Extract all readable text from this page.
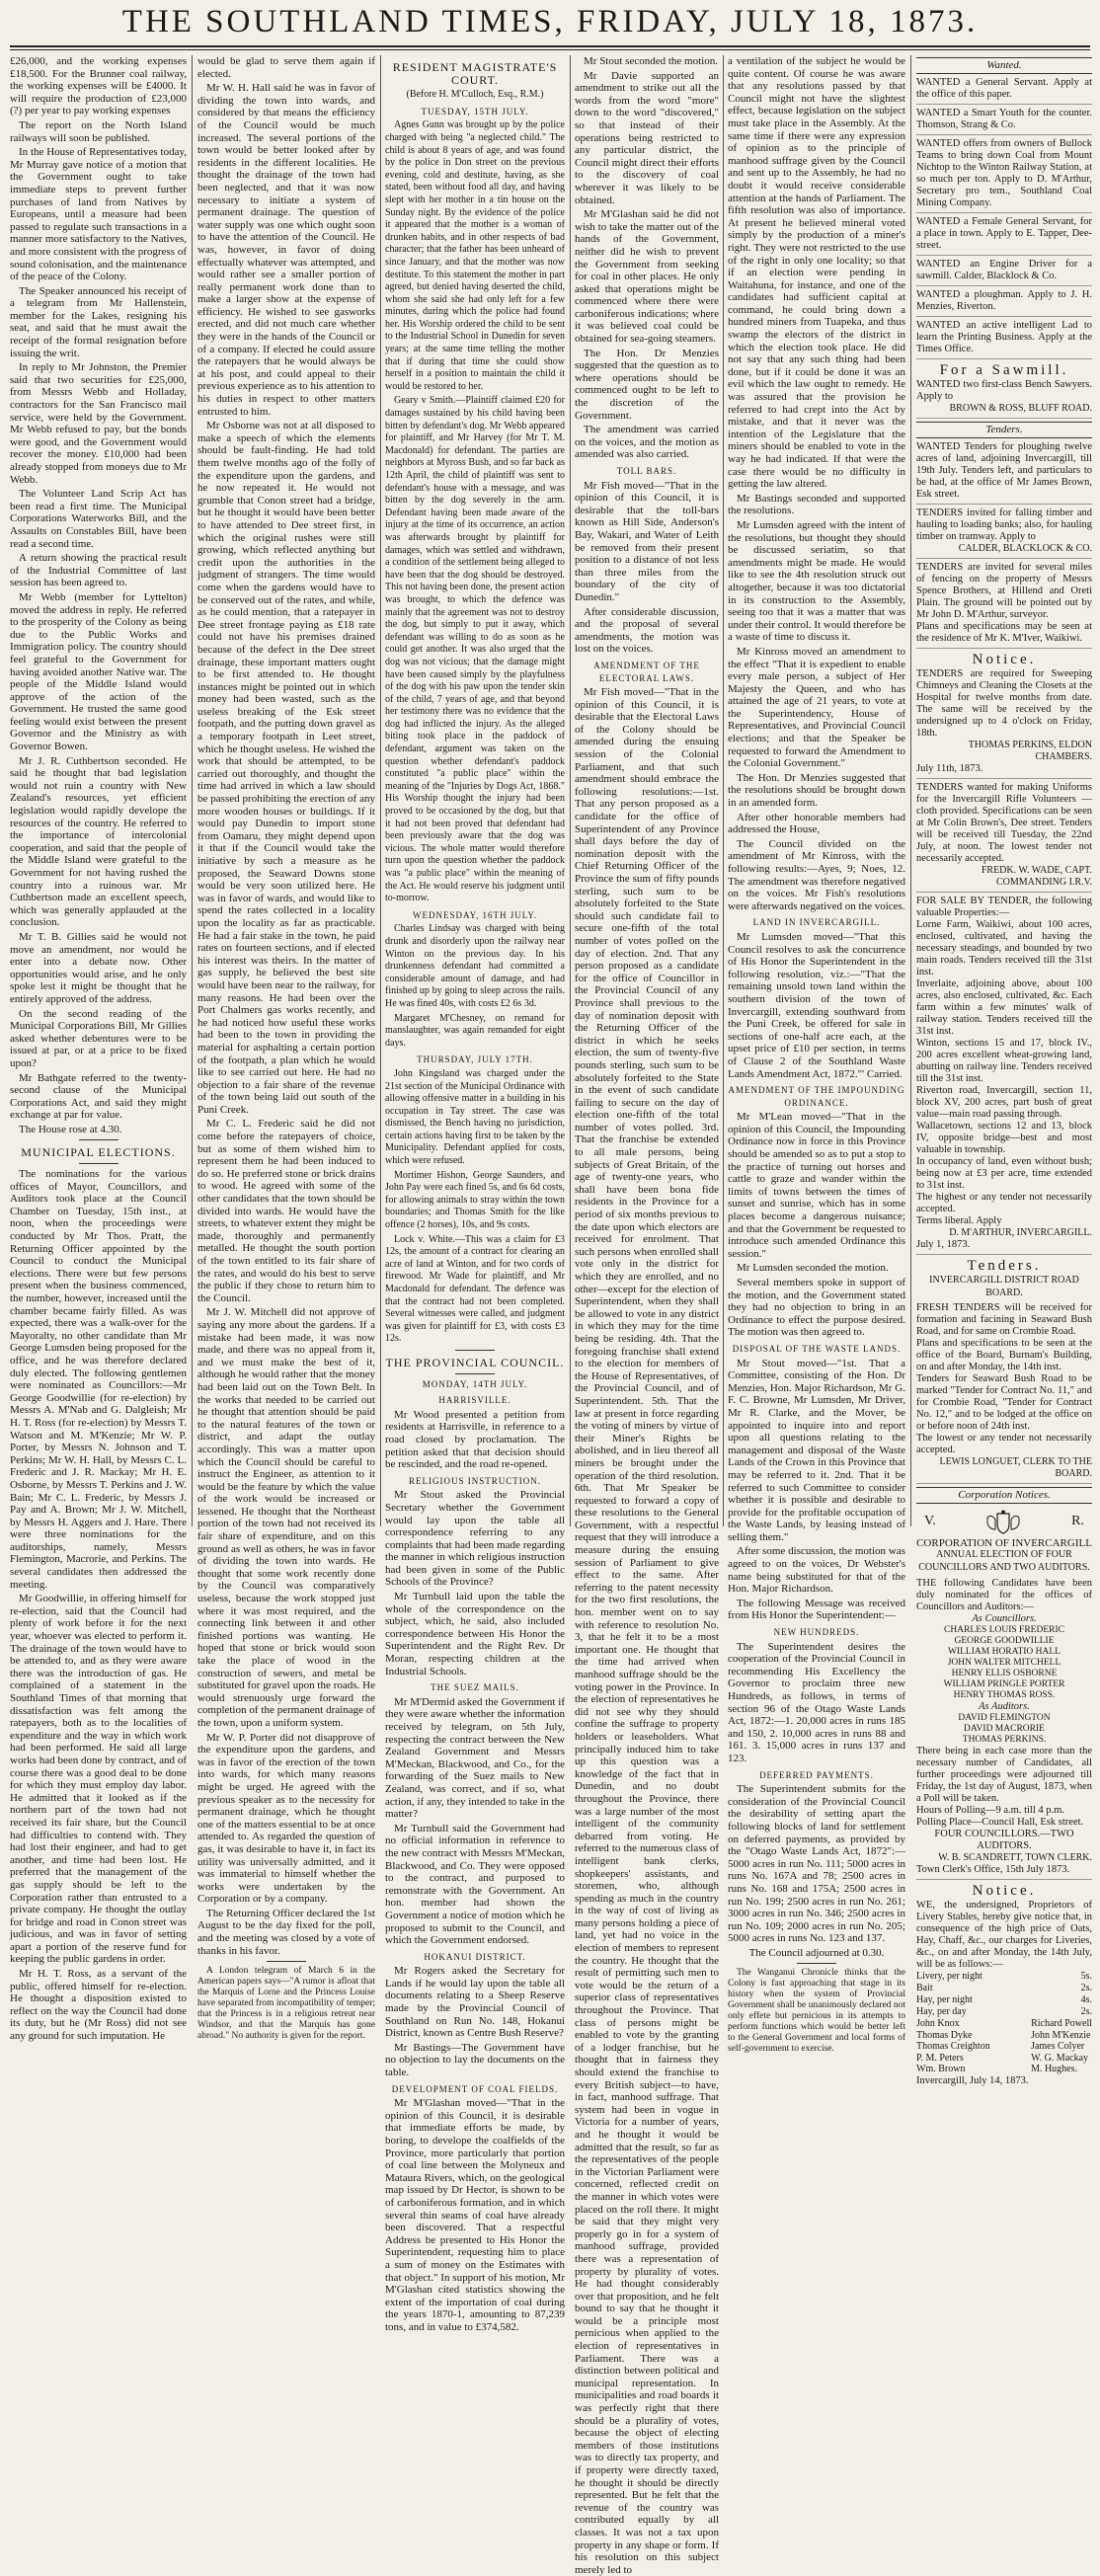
THE SOUTHLAND TIMES, FRIDAY, JULY 18, 1873.

£26,000, and the working expenses £18,500. For the Brunner coal railway, the working expenses will be £4000. It will require the production of £23,000 (?) per year to pay working expenses

The report on the North Island railways will soon be published.

In the House of Representatives today, Mr Murray gave notice of a motion that the Government ought to take immediate steps to prevent further purchases of land from Natives by Europeans, until a measure had been passed to regulate such transactions in a manner more satisfactory to the Natives, and more consistent with the progress of sound colonisation, and the maintenance of the peace of the Colony.

The Speaker announced his receipt of a telegram from Mr Hallenstein, member for the Lakes, resigning his seat, and said that he must await the receipt of the formal resignation before issuing the writ.

In reply to Mr Johnston, the Premier said that two securities for £25,000, from Messrs Webb and Holladay, contractors for the San Francisco mail service, were held by the Government. Mr Webb refused to pay, but the bonds were good, and the Government would recover the money. £10,000 had been already stopped from moneys due to Mr Webb.

The Volunteer Land Scrip Act has been read a first time. The Municipal Corporations Waterworks Bill, and the Assaults on Constables Bill, have been read a second time.

A return showing the practical result of the Industrial Committee of last session has been agreed to.

Mr Webb (member for Lyttelton) moved the address in reply. He referred to the prosperity of the Colony as being due to the Public Works and Immigration policy. The country should feel grateful to the Government for having avoided another Native war. The people of the Middle Island would approve of the action of the Government. He trusted the same good feeling would exist between the present Governor and the Ministry as with Governor Bowen.

Mr J. R. Cuthbertson seconded. He said he thought that bad legislation would not ruin a country with New Zealand's resources, yet efficient legislation would rapidly develope the resources of the country. He referred to the importance of intercolonial cooperation, and said that the people of the Middle Island were grateful to the Government for not having rushed the country into a ruinous war. Mr Cuthbertson made an excellent speech, which was generally applauded at the conclusion.

Mr T. B. Gillies said he would not move an amendment, nor would he enter into a debate now. Other opportunities would arise, and he only spoke lest it might be thought that he entirely approved of the address.

On the second reading of the Municipal Corporations Bill, Mr Gillies asked whether debentures were to be issued at par, or at a price to be fixed upon?

Mr Bathgate referred to the twenty-second clause of the Municipal Corporations Act, and said they might exchange at par for value.

The House rose at 4.30.

MUNICIPAL ELECTIONS.

The nominations for the various offices of Mayor, Councillors, and Auditors took place at the Council Chamber on Tuesday, 15th inst., at noon, when the proceedings were conducted by Mr Thos. Pratt, the Returning Officer appointed by the Council to conduct the Municipal elections. There were but few persons present when the business commenced, the number, however, increased until the chamber became fairly filled. As was expected, there was a walk-over for the Mayoralty, no other candidate than Mr George Lumsden being proposed for the office, and he was therefore declared duly elected. The following gentlemen were nominated as Councillors:—Mr George Goodwillie (for re-election) by Messrs A. M'Nab and G. Dalgleish; Mr H. T. Ross (for re-election) by Messrs T. Watson and M. M'Kenzie; Mr W. P. Porter, by Messrs N. Johnson and T. Perkins; Mr W. H. Hall, by Messrs C. L. Frederic and J. R. Mackay; Mr H. E. Osborne, by Messrs T. Perkins and J. W. Bain; Mr C. L. Frederic, by Messrs J. Pay and A. Brown; Mr J. W. Mitchell, by Messrs H. Aggers and J. Hare. There were three nominations for the auditorships, namely, Messrs Flemington, Macrorie, and Perkins. The several candidates then addressed the meeting.

Mr Goodwillie, in offering himself for re-election, said that the Council had plenty of work before it for the next year, whoever was elected to perform it. The drainage of the town would have to be attended to, and as they were aware there was the introduction of gas. He complained of a statement in the Southland Times of that morning that dissatisfaction was felt among the ratepayers, both as to the localities of expenditure and the way in which work had been performed. He said all large works had been done by contract, and of course there was a good deal to be done for which they must employ day labor. He admitted that it looked as if the northern part of the town had not received its fair share, but the Council had difficulties to contend with. They had lost their engineer, and had to get another, and time had been lost. He preferred that the management of the gas supply should be left to the Corporation rather than entrusted to a private company. He thought the outlay for bridge and road in Conon street was judicious, and was in favor of setting apart a portion of the reserve fund for keeping the public gardens in order.

Mr H. T. Ross, as a servant of the public, offered himself for re-election. He thought a disposition existed to reflect on the way the Council had done its duty, but he (Mr Ross) did not see any ground for such imputation. He

would be glad to serve them again if elected.

Mr W. H. Hall said he was in favor of dividing the town into wards, and considered by that means the efficiency of the Council would be much increased. The several portions of the town would be better looked after by residents in the different localities. He thought the drainage of the town had been neglected, and that it was now necessary to initiate a system of permanent drainage. The question of water supply was one which ought soon to have the attention of the Council. He was, however, in favor of doing effectually whatever was attempted, and would rather see a smaller portion of really permanent work done than to make a larger show at the expense of efficiency. He wished to see gasworks erected, and did not much care whether they were in the hands of the Council or of a company. If elected he could assure the ratepayers that he would always be at his post, and could appeal to their previous experience as to his attention to his duties in respect to other matters entrusted to him.

Mr Osborne was not at all disposed to make a speech of which the elements should be fault-finding. He had told them twelve months ago of the folly of the expenditure upon the gardens, and he now repeated it. He would not grumble that Conon street had a bridge, but he thought it would have been better to have attended to Dee street first, in which the original rushes were still growing, which reflected anything but credit upon the authorities in the judgment of strangers. The time would come when the gardens would have to be conserved out of the rates, and while, as he could mention, that a ratepayer in Dee street frontage paying as £18 rate could not have his premises drained because of the defect in the Dee street drainage, these important matters ought to be first attended to. He thought instances might be pointed out in which money had been wasted, such as the useless breaking of the Esk street footpath, and the putting down gravel as a temporary footpath in Leet street, which he thought useless. He wished the work that should be attempted, to be carried out thoroughly, and thought the time had arrived in which a law should be passed prohibiting the erection of any more wooden houses or buildings. If it would pay Dunedin to import stone from Oamaru, they might depend upon it that if the Council would take the initiative by such a measure as he proposed, the Seaward Downs stone would be very soon utilized here. He was in favor of wards, and would like to spend the rates collected in a locality upon the locality as far as practicable. He had a fair stake in the town, he paid rates on fourteen sections, and if elected his interest was theirs. In the matter of gas supply, he believed the best site would have been near to the railway, for many reasons. He had been over the Port Chalmers gas works recently, and he had noticed how useful these works had been to the town in providing the material for asphalting a certain portion of the footpath, a plan which he would like to see carried out here. He had no objection to a fair share of the revenue of the town being laid out south of the Puni Creek.

Mr C. L. Frederic said he did not come before the ratepayers of choice, but as some of them wished him to represent them he had been induced to do so. He preferred stone or brick drains to wood. He agreed with some of the other candidates that the town should be divided into wards. He would have the streets, to whatever extent they might be made, thoroughly and permanently metalled. He thought the south portion of the town entitled to its fair share of the rates, and would do his best to serve the public if they chose to return him to the Council.

Mr J. W. Mitchell did not approve of saying any more about the gardens. If a mistake had been made, it was now made, and there was no appeal from it, and we must make the best of it, although he would rather that the money had been laid out on the Town Belt. In the works that needed to be carried out he thought that attention should be paid to the natural features of the town or district, and adapt the outlay accordingly. This was a matter upon which the Council should be careful to instruct the Engineer, as attention to it would be the feature by which the value of the work would be increased or lessened. He thought that the Northeast portion of the town had not received its fair share of expenditure, and on this ground as well as others, he was in favor of dividing the town into wards. He thought that some work recently done by the Council was comparatively useless, because the work stopped just where it was most required, and the connecting link between it and other finished portions was wanting. He hoped that stone or brick would soon take the place of wood in the construction of sewers, and metal be substituted for gravel upon the roads. He would strenuously urge forward the completion of the permanent drainage of the town, upon a uniform system.

Mr W. P. Porter did not disapprove of the expenditure upon the gardens, and was in favor of the erection of the town into wards, for which many reasons might be urged. He agreed with the previous speaker as to the necessity for permanent drainage, which he thought one of the matters essential to be at once attended to. As regarded the question of gas, it was desirable to have it, in fact its utility was universally admitted, and it was immaterial to himself whether the works were undertaken by the Corporation or by a company.

The Returning Officer declared the 1st August to be the day fixed for the poll, and the meeting was closed by a vote of thanks in his favor.

A London telegram of March 6 in the American papers says—"A rumor is afloat that the Marquis of Lorne and the Princess Louise have separated from incompatibility of temper; that the Princess is in a religious retreat near Windsor, and that the Marquis has gone abroad." No authority is given for the report.

RESIDENT MAGISTRATE'S COURT.
(Before H. M'Culloch, Esq., R.M.)
TUESDAY, 15TH JULY.

Agnes Gunn was brought up by the police charged with being "a neglected child." The child is about 8 years of age, and was found by the police in Don street on the previous evening, cold and destitute, having, as she stated, been without food all day, and having slept with her mother in a tin house on the Sunday night. By the evidence of the police it appeared that the mother is a woman of drunken habits, and in other respects of bad character; that the father has been unheard of since January, and that the mother was now destitute. To this statement the mother in part agreed, but denied having deserted the child, whom she said she had only left for a few minutes, during which the police had found her. His Worship ordered the child to be sent to the Industrial School in Dunedin for seven years; at the same time telling the mother that if during that time she could show herself in a position to maintain the child it would be restored to her.

Geary v Smith.—Plaintiff claimed £20 for damages sustained by his child having been bitten by defendant's dog. Mr Webb appeared for plaintiff, and Mr Harvey (for Mr T. M. Macdonald) for defendant. The parties are neighbors at Myross Bush, and so far back as 12th April, the child of plaintiff was sent to defendant's house with a message, and was bitten by the dog severely in the arm. Defendant having been made aware of the injury at the time of its occurrence, an action was afterwards brought by plaintiff for damages, which was settled and withdrawn, a condition of the settlement being alleged to have been that the dog should be destroyed. This not having been done, the present action was brought, to which the defence was mainly that the agreement was not to destroy the dog, but simply to put it away, which defendant was willing to do as soon as he could get another. It was also urged that the dog was not vicious; that the damage might have been caused simply by the playfulness of the dog with his paw upon the tender skin of the child, 7 years of age, and that beyond her testimony there was no evidence that the dog had inflicted the injury. As the alleged biting took place in the paddock of defendant, argument was taken on the question whether defendant's paddock constituted "a public place" within the meaning of the "Injuries by Dogs Act, 1868." His Worship thought the injury had been proved to be occasioned by the dog, but that it had not been proved that defendant had been previously aware that the dog was vicious. The whole matter would therefore turn upon the question whether the paddock was "a public place" within the meaning of the Act. He would reserve his judgment until to-morrow.

WEDNESDAY, 16TH JULY.

Charles Lindsay was charged with being drunk and disorderly upon the railway near Winton on the previous day. In his drunkenness defendant had committed a considerable amount of damage, and had finished up by going to sleep across the rails. He was fined 40s, with costs £2 6s 3d.

Margaret M'Chesney, on remand for manslaughter, was again remanded for eight days.

THURSDAY, JULY 17TH.

John Kingsland was charged under the 21st section of the Municipal Ordinance with allowing offensive matter in a building in his occupation in Tay street. The case was dismissed, the Bench having no jurisdiction, certain actions having first to be taken by the Municipality. Defendant applied for costs, which were refused.

Mortimer Hishon, George Saunders, and John Pay were each fined 5s, and 6s 6d costs, for allowing animals to stray within the town boundaries; and Thomas Smith for the like offence (2 horses), 10s, and 9s costs.

Lock v. White.—This was a claim for £3 12s, the amount of a contract for clearing an acre of land at Winton, and for two cords of firewood. Mr Wade for plaintiff, and Mr Macdonald for defendant. The defence was that the contract had not been completed. Several witnesses were called, and judgment was given for plaintiff for £3, with costs £3 12s.

THE PROVINCIAL COUNCIL.
MONDAY, 14TH JULY.
HARRISVILLE.

Mr Wood presented a petition from residents at Harrisville, in reference to a road closed by proclamation. The petition asked that that decision should be rescinded, and the road re-opened.

RELIGIOUS INSTRUCTION.

Mr Stout asked the Provincial Secretary whether the Government would lay upon the table all correspondence referring to any complaints that had been made regarding the manner in which religious instruction had been given in some of the Public Schools of the Province?

Mr Turnbull laid upon the table the whole of the correspondence on the subject, which, he said, also included correspondence between His Honor the Superintendent and the Right Rev. Dr Moran, respecting children at the Industrial Schools.

THE SUEZ MAILS.

Mr M'Dermid asked the Government if they were aware whether the information received by telegram, on 5th July, respecting the contract between the New Zealand Government and Messrs M'Meckan, Blackwood, and Co., for the forwarding of the Suez mails to New Zealand, was correct, and if so, what action, if any, they intended to take in the matter?

Mr Turnbull said the Government had no official information in reference to the new contract with Messrs M'Meckan, Blackwood, and Co. They were opposed to the contract, and purposed to remonstrate with the Government. An hon. member had shown the Government a notice of motion which he proposed to submit to the Council, and which the Government endorsed.

HOKANUI DISTRICT.

Mr Rogers asked the Secretary for Lands if he would lay upon the table all documents relating to a Sheep Reserve made by the Provincial Council of Southland on Run No. 148, Hokanui District, known as Centre Bush Reserve?

Mr Bastings—The Government have no objection to lay the documents on the table.

DEVELOPMENT OF COAL FIELDS.

Mr M'Glashan moved—"That in the opinion of this Council, it is desirable that immediate efforts be made, by boring, to develope the coalfields of the Province, more particularly that portion of coal line between the Molyneux and Mataura Rivers, which, on the geological map issued by Dr Hector, is shown to be of carboniferous formation, and in which several thin seams of coal have already been discovered. That a respectful Address be presented to His Honor the Superintendent, requesting him to place a sum of money on the Estimates with that object." In support of his motion, Mr M'Glashan cited statistics showing the extent of the importation of coal during the years 1870-1, amounting to 87,239 tons, and in value to £374,582.

Mr Stout seconded the motion.

Mr Davie supported an amendment to strike out all the words from the word "more" down to the word "discovered," so that instead of their operations being restricted to any particular district, the Council might direct their efforts to the discovery of coal wherever it was likely to be obtained.

Mr M'Glashan said he did not wish to take the matter out of the hands of the Government, neither did he wish to prevent the Government from seeking for coal in other places. He only asked that operations might be commenced where there were carboniferous indications; where it was believed coal could be obtained for sea-going steamers.

The Hon. Dr Menzies suggested that the question as to where operations should be commenced ought to be left to the discretion of the Government.

The amendment was carried on the voices, and the motion as amended was also carried.

TOLL BARS.

Mr Fish moved—"That in the opinion of this Council, it is desirable that the toll-bars known as Hill Side, Anderson's Bay, Wakari, and Water of Leith be removed from their present position to a distance of not less than three miles from the boundary of the city of Dunedin."

After considerable discussion, and the proposal of several amendments, the motion was lost on the voices.

AMENDMENT OF THE ELECTORAL LAWS.

Mr Fish moved—"That in the opinion of this Council, it is desirable that the Electoral Laws of the Colony should be amended during the ensuing session of the Colonial Parliament, and that such amendment should embrace the following resolutions:—1st. That any person proposed as a candidate for the office of Superintendent of any Province shall days before the day of nomination deposit with the Chief Returning Officer of the Province the sum of fifty pounds sterling, such sum to be absolutely forfeited to the State should such candidate fail to secure one-fifth of the total number of votes polled on the day of election. 2nd. That any person proposed as a candidate for the office of Councillor in the Provincial Council of any Province shall previous to the day of nomination deposit with the Returning Officer of the district in which he seeks election, the sum of twenty-five pounds sterling, such sum to be absolutely forfeited to the State in the event of such candidate failing to secure on the day of election one-fifth of the total number of votes polled. 3rd. That the franchise be extended to all male persons, being subjects of Great Britain, of the age of twenty-one years, who shall have been bona fide residents in the Province for a period of six months previous to the date upon which electors are received for enrolment. That such persons when enrolled shall vote only in the district for which they are enrolled, and no other—except for the election of Superintendent, when they shall be allowed to vote in any district in which they may for the time being be residing. 4th. That the foregoing franchise shall extend to the election for members of the House of Representatives, of the Provincial Council, and of Superintendent. 5th. That the law at present in force regarding the voting of miners by virtue of their Miner's Rights be abolished, and in lieu thereof all miners be brought under the operation of the third resolution. 6th. That Mr Speaker be requested to forward a copy of these resolutions to the General Government, with a respectful request that they will introduce a measure during the ensuing session of Parliament to give effect to the same. After referring to the patent necessity for the two first resolutions, the hon. member went on to say with reference to resolution No. 3, that he felt it to be a most important one. He thought that the time had arrived when manhood suffrage should be the voting power in the Province. In the election of representatives he did not see why they should confine the suffrage to property holders or leaseholders. What principally induced him to take up this question was a knowledge of the fact that in Dunedin, and no doubt throughout the Province, there was a large number of the most intelligent of the community debarred from voting. He referred to the numerous class of intelligent bank clerks, shopkeepers' assistants, and storemen, who, although spending as much in the country in the way of cost of living as many persons holding a piece of land, yet had no voice in the election of members to represent the country. He thought that the result of permitting such men to vote would be the return of a superior class of representatives throughout the Province. That class of persons might be enabled to vote by the granting of a lodger franchise, but he thought that in fairness they should extend the franchise to every British subject—to have, in fact, manhood suffrage. That system had been in vogue in Victoria for a number of years, and he thought it would be admitted that the result, so far as the representatives of the people in the Victorian Parliament were concerned, reflected credit on the manner in which votes were placed on the roll there. It might be said that they might very properly go in for a system of manhood suffrage, provided there was a representation of property by plurality of votes. He had thought considerably over that proposition, and he felt bound to say that he thought it would be a principle most pernicious when applied to the election of representatives in Parliament. There was a distinction between political and municipal representation. In municipalities and road boards it was perfectly right that there should be a plurality of votes, because the object of electing members of those institutions was to directly tax property, and if property were directly taxed, he thought it should be directly represented. But he felt that the revenue of the country was contributed equally by all classes. It was not a tax upon property in any shape or form. If his resolution on this subject merely led to

a ventilation of the subject he would be quite content. Of course he was aware that any resolutions passed by that Council might not have the slightest effect, because legislation on the subject must take place in the Assembly. At the same time if there were any expression of opinion as to the principle of manhood suffrage given by the Council and sent up to the Assembly, he had no doubt it would receive considerable attention at the hands of Parliament. The fifth resolution was also of importance. At present he believed mineral voted simply by the production of a miner's right. They were not restricted to the use of the right in only one locality; so that if an election were pending in Waitahuna, for instance, and one of the candidates had sufficient capital at command, he could bring down a hundred miners from Tuapeka, and thus swamp the electors of the district in which the election took place. He did not say that any such thing had been done, but if it could be done it was an evil which the law ought to remedy. He was assured that the provision he referred to had crept into the Act by mistake, and that it never was the intention of the Legislature that the miners should be enabled to vote in the way he had indicated. If that were the case there would be no difficulty in getting the law altered.

Mr Bastings seconded and supported the resolutions.

Mr Lumsden agreed with the intent of the resolutions, but thought they should be discussed seriatim, so that amendments might be made. He would like to see the 4th resolution struck out altogether, because it was too dictatorial in its construction to the Assembly, seeing too that it was a matter that was under their control. It would therefore be a waste of time to discuss it.

Mr Kinross moved an amendment to the effect "That it is expedient to enable every male person, a subject of Her Majesty the Queen, and who has attained the age of 21 years, to vote at the Superintendency, House of Representatives, and Provincial Council elections; and that the Speaker be requested to forward the Amendment to the Colonial Government."

The Hon. Dr Menzies suggested that the resolutions should be brought down in an amended form.

After other honorable members had addressed the House,

The Council divided on the amendment of Mr Kinross, with the following results:—Ayes, 9; Noes, 12. The amendment was therefore negatived on the voices. Mr Fish's resolutions were afterwards negatived on the voices.

LAND IN INVERCARGILL.

Mr Lumsden moved—"That this Council resolves to ask the concurrence of His Honor the Superintendent in the following resolution, viz.:—"That the remaining unsold town land within the southern division of the town of Invercargill, extending southward from the Puni Creek, be offered for sale in sections of one-half acre each, at the upset price of £10 per section, in terms of Clause 2 of the Southland Waste Lands Amendment Act, 1872."' Carried.

AMENDMENT OF THE IMPOUNDING ORDINANCE.

Mr M'Lean moved—"That in the opinion of this Council, the Impounding Ordinance now in force in this Province should be amended so as to put a stop to the practice of turning out horses and cattle to graze and wander within the limits of towns between the times of sunset and sunrise, which has in some places become a dangerous nuisance; and that the Government be requested to introduce such amended Ordinance this session."

Mr Lumsden seconded the motion.

Several members spoke in support of the motion, and the Government stated they had no objection to bring in an Ordinance to effect the purpose desired. The motion was then agreed to.

DISPOSAL OF THE WASTE LANDS.

Mr Stout moved—"1st. That a Committee, consisting of the Hon. Dr Menzies, Hon. Major Richardson, Mr G. F. C. Browne, Mr Lumsden, Mr Driver, Mr R. Clarke, and the Mover, be appointed to inquire into and report upon all questions relating to the management and disposal of the Waste Lands of the Crown in this Province that may be referred to it. 2nd. That it be referred to such Committee to consider whether it is possible and desirable to provide for the profitable occupation of the Waste Lands, by leasing instead of selling them."

After some discussion, the motion was agreed to on the voices, Dr Webster's name being substituted for that of the Hon. Major Richardson.

The following Message was received from His Honor the Superintendent:—

NEW HUNDREDS.

The Superintendent desires the cooperation of the Provincial Council in recommending His Excellency the Governor to proclaim three new Hundreds, as follows, in terms of section 96 of the Otago Waste Lands Act, 1872:—1. 20,000 acres in runs 185 and 150, 2. 10,000 acres in runs 88 and 161. 3. 15,000 acres in runs 137 and 123.

DEFERRED PAYMENTS.

The Superintendent submits for the consideration of the Provincial Council the desirability of setting apart the following blocks of land for settlement on deferred payments, as provided by the "Otago Waste Lands Act, 1872":—5000 acres in run No. 111; 5000 acres in runs No. 167A and 78; 2500 acres in runs No. 168 and 175A; 2500 acres in run No. 199; 2500 acres in run No. 261; 3000 acres in run No. 346; 2500 acres in run No. 109; 2000 acres in run No. 205; 5000 acres in runs No. 123 and 137.

The Council adjourned at 0.30.

The Wanganui Chronicle thinks that the Colony is fast approaching that stage in its history when the system of Provincial Government shall be unanimously declared not only effete but pernicious in its attempts to perform functions which would be better left to the General Government and local forms of self-government to exercise.

Wanted.
WANTED a General Servant. Apply at the office of this paper.
WANTED a Smart Youth for the counter. Thomson, Strang & Co.
WANTED offers from owners of Bullock Teams to bring down Coal from Mount Nichtop to the Winton Railway Station, at so much per ton. Apply to D. M'Arthur, Secretary pro tem., Southland Coal Mining Company.
WANTED a Female General Servant, for a place in town. Apply to E. Tapper, Dee-street.
WANTED an Engine Driver for a sawmill. Calder, Blacklock & Co.
WANTED a ploughman. Apply to J. H. Menzies, Riverton.
WANTED an active intelligent Lad to learn the Printing Business. Apply at the Times Office.
For a Sawmill.
WANTED two first-class Bench Sawyers. Apply to
BROWN & ROSS, BLUFF ROAD.
Tenders.
WANTED Tenders for ploughing twelve acres of land, adjoining Invercargill, till 19th July. Tenders left, and particulars to be had, at the office of Mr James Brown, Esk street.
TENDERS invited for falling timber and hauling to loading banks; also, for hauling timber on tramway. Apply to
CALDER, BLACKLOCK & CO.
TENDERS are invited for several miles of fencing on the property of Messrs Spence Brothers, at Hillend and Oreti Plain. The ground will be pointed out by Mr John D. M'Arthur, surveyor.
Plans and specifications may be seen at the residence of Mr K. M'Iver, Waikiwi.
Notice.
TENDERS are required for Sweeping Chimneys and Cleaning the Closets at the Hospital for twelve months from date. The same will be received by the undersigned up to 4 o'clock on Friday, 18th.
THOMAS PERKINS, ELDON CHAMBERS.
July 11th, 1873.
TENDERS wanted for making Uniforms for the Invercargill Rifle Volunteers — cloth provided. Specifications can be seen at Mr Colin Brown's, Dee street. Tenders will be received till Tuesday, the 22nd July, at noon. The lowest tender not necessarily accepted.
FREDK. W. WADE, CAPT. COMMANDING I.R.V.
FOR SALE BY TENDER, the following valuable Properties:—
Lorne Farm, Waikiwi, about 100 acres, enclosed, cultivated, and having the necessary steadings, and bounded by two main roads. Tenders received till the 31st inst.
Inverlaite, adjoining above, about 100 acres, also enclosed, cultivated, &c. Each farm within a few minutes' walk of railway station. Tenders received till the 31st inst.
Winton, sections 15 and 17, block IV., 200 acres excellent wheat-growing land, abutting on railway line. Tenders received till the 31st inst.
Riverton road, Invercargill, section 11, block XV, 200 acres, part bush of great value—main road passing through.
Wallacetown, sections 12 and 13, block IV, opposite bridge—best and most valuable in township.
In occupancy of land, even without bush; being now at £3 per acre, time extended to 31st inst.
The highest or any tender not necessarily accepted.
Terms liberal. Apply
D. M'ARTHUR, INVERCARGILL.
July 1, 1873.
Tenders.
INVERCARGILL DISTRICT ROAD BOARD.
FRESH TENDERS will be received for formation and facining in Seaward Bush Road, and for same on Crombie Road.
Plans and specifications to be seen at the office of the Board, Burnam's Building, on and after Monday, the 14th inst.
Tenders for Seaward Bush Road to be marked "Tender for Contract No. 11," and for Crombie Road, "Tender for Contract No. 12," and to be lodged at the office on or before noon of 24th inst.
The lowest or any tender not necessarily accepted.
LEWIS LONGUET, CLERK TO THE BOARD.
Corporation Notices.
V.	R.
CORPORATION OF INVERCARGILL
ANNUAL ELECTION OF FOUR COUNCILLORS AND TWO AUDITORS.
THE following Candidates have been duly nominated for the offices of Councillors and Auditors:—
As Councillors.
CHARLES LOUIS FREDERIC
GEORGE GOODWILLIE
WILLIAM HORATIO HALL
JOHN WALTER MITCHELL
HENRY ELLIS OSBORNE
WILLIAM PRINGLE PORTER
HENRY THOMAS ROSS.
As Auditors.
DAVID FLEMINGTON
DAVID MACRORIE
THOMAS PERKINS.
There being in each case more than the necessary number of Candidates, all further proceedings were adjourned till Friday, the 1st day of August, 1873, when a Poll will be taken.
Hours of Polling—9 a.m. till 4 p.m.
Polling Place—Council Hall, Esk street.
FOUR COUNCILLORS.—TWO AUDITORS.
W. B. SCANDRETT, TOWN CLERK.
Town Clerk's Office, 15th July 1873.
Notice.
WE, the undersigned, Proprietors of Livery Stables, hereby give notice that, in consequence of the high price of Oats, Hay, Chaff, &c., our charges for Liveries, &c., on and after Monday, the 14th July, will be as follows:—
Livery, per night	5s.
Bait	2s.
Hay, per night	4s.
Hay, per day	2s.
John Knox
Thomas Dyke
Thomas Creighton
P. M. Peters
Wm. Brown
Richard Powell
John M'Kenzie
James Colyer
W. G. Mackay
M. Hughes.
Invercargill, July 14, 1873.
